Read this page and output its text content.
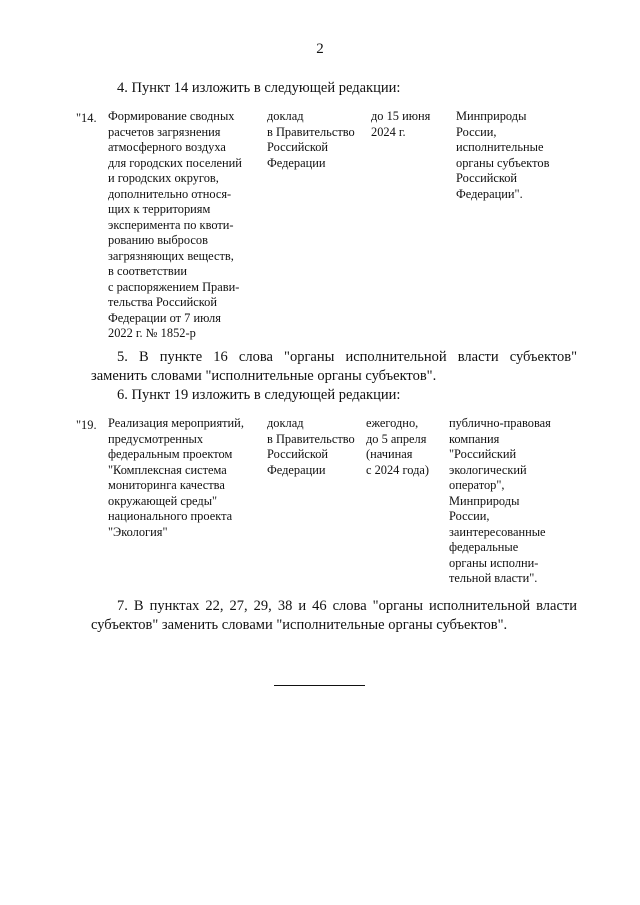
2
4. Пункт 14 изложить в следующей редакции:
"14. Формирование сводных
расчетов загрязнения
атмосферного воздуха
для городских поселений
и городских округов,
дополнительно относя-
щих к территориям
эксперимента по квоти-
рованию выбросов
загрязняющих веществ,
в соответствии
с распоряжением Прави-
тельства Российской
Федерации от 7 июля
2022 г. № 1852-р
доклад
в Правительство
Российской
Федерации
до 15 июня
2024 г.
Минприроды
России,
исполнительные
органы субъектов
Российской
Федерации".
5. В пункте 16 слова "органы исполнительной власти субъектов"
заменить словами "исполнительные органы субъектов".
6. Пункт 19 изложить в следующей редакции:
"19. Реализация мероприятий,
предусмотренных
федеральным проектом
"Комплексная система
мониторинга качества
окружающей среды"
национального проекта
"Экология"
доклад
в Правительство
Российской
Федерации
ежегодно,
до 5 апреля
(начиная
с 2024 года)
публично-правовая
компания
"Российский
экологический
оператор",
Минприроды
России,
заинтересованные
федеральные
органы исполни-
тельной власти".
7. В пунктах 22, 27, 29, 38 и 46 слова "органы исполнительной власти
субъектов" заменить словами "исполнительные органы субъектов".
